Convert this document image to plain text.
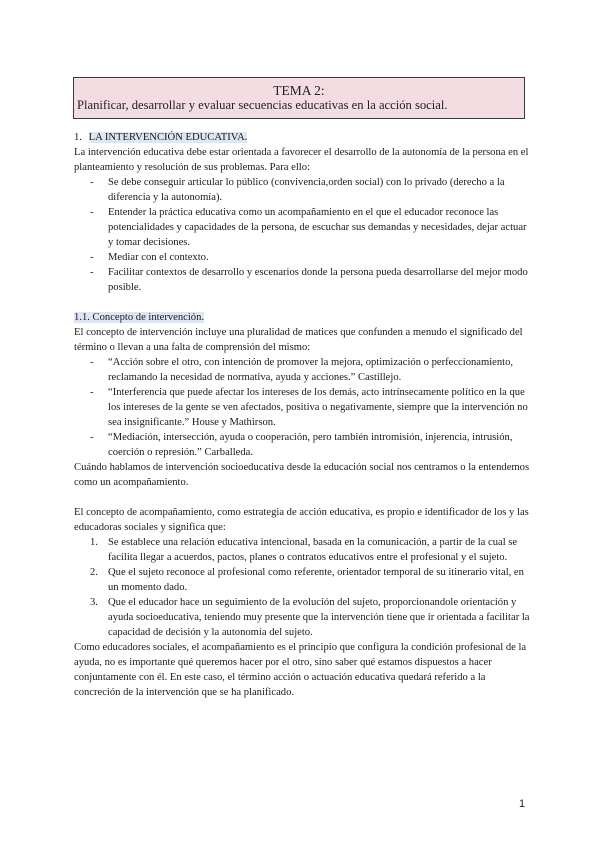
TEMA 2:
Planificar, desarrollar y evaluar secuencias educativas en la acción social.

1. LA INTERVENCIÓN EDUCATIVA.

La intervención educativa debe estar orientada a favorecer el desarrollo de la autonomía de la persona en el planteamiento y resolución de sus problemas. Para ello:

- Se debe conseguir articular lo público (convivencia,orden social) con lo privado (derecho a la diferencia y la autonomía).
- Entender la práctica educativa como un acompañamiento en el que el educador reconoce las potencialidades y capacidades de la persona, de escuchar sus demandas y necesidades, dejar actuar y tomar decisiones.
- Mediar con el contexto.
- Facilitar contextos de desarrollo y escenarios donde la persona pueda desarrollarse del mejor modo posible.

1.1. Concepto de intervención.

El concepto de intervención incluye una pluralidad de matices que confunden a menudo el significado del término o llevan a una falta de comprensión del mismo:

- “Acción sobre el otro, con intención de promover la mejora, optimización o perfeccionamiento, reclamando la necesidad de normativa, ayuda y acciones.” Castillejo.
- “Interferencia que puede afectar los intereses de los demás, acto intrínsecamente político en la que los intereses de la gente se ven afectados, positiva o negativamente, siempre que la intervención no sea insignificante.” House y Mathirson.
- “Mediación, intersección, ayuda o cooperación, pero también intromisión, injerencia, intrusión, coerción o represión.” Carballeda.

Cuándo hablamos de intervención socioeducativa desde la educación social nos centramos o la entendemos como un acompañamiento.

El concepto de acompañamiento, como estrategia de acción educativa, es propio e identificador de los y las educadoras sociales y significa que:

1. Se establece una relación educativa intencional, basada en la comunicación, a partir de la cual se facilita llegar a acuerdos, pactos, planes o contratos educativos entre el profesional y el sujeto.
2. Que el sujeto reconoce al profesional como referente, orientador temporal de su itinerario vital, en un momento dado.
3. Que el educador hace un seguimiento de la evolución del sujeto, proporcionandole orientación y ayuda socioeducativa, teniendo muy presente que la intervención tiene que ir orientada a facilitar la capacidad de decisión y la autonomía del sujeto.

Como educadores sociales, el acompañamiento es el principio que configura la condición profesional de la ayuda, no es importante qué queremos hacer por el otro, sino saber qué estamos dispuestos a hacer conjuntamente con él. En este caso, el término acción o actuación educativa quedará referido a la concreción de la intervención que se ha planificado.

1
